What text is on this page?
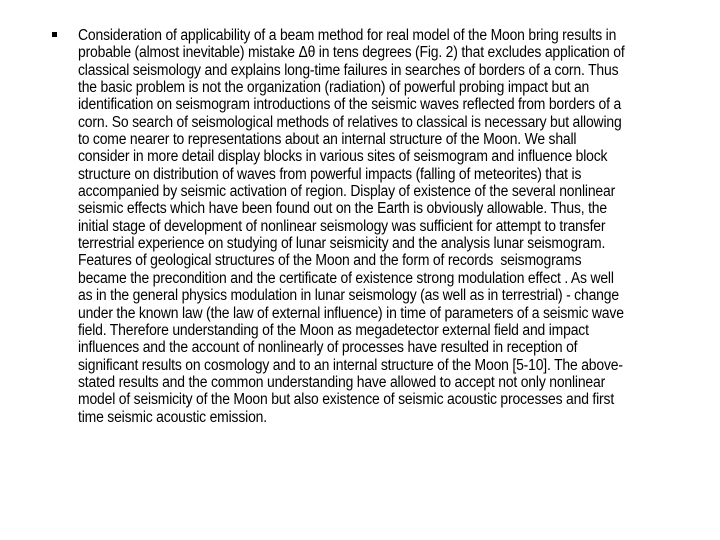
Consideration of applicability of a beam method for real model of the Moon bring results in probable (almost inevitable) mistake Δθ in tens degrees (Fig. 2) that excludes application of classical seismology and explains long-time failures in searches of borders of a corn. Thus the basic problem is not the organization (radiation) of powerful probing impact but an identification on seismogram introductions of the seismic waves reflected from borders of a corn. So search of seismological methods of relatives to classical is necessary but allowing to come nearer to representations about an internal structure of the Moon. We shall consider in more detail display blocks in various sites of seismogram and influence block structure on distribution of waves from powerful impacts (falling of meteorites) that is accompanied by seismic activation of region. Display of existence of the several nonlinear seismic effects which have been found out on the Earth is obviously allowable. Thus, the initial stage of development of nonlinear seismology was sufficient for attempt to transfer terrestrial experience on studying of lunar seismicity and the analysis lunar seismogram. Features of geological structures of the Moon and the form of records  seismograms became the precondition and the certificate of existence strong modulation effect . As well as in the general physics modulation in lunar seismology (as well as in terrestrial) - change under the known law (the law of external influence) in time of parameters of a seismic wave field. Therefore understanding of the Moon as megadetector external field and impact influences and the account of nonlinearly of processes have resulted in reception of significant results on cosmology and to an internal structure of the Moon [5-10]. The above-stated results and the common understanding have allowed to accept not only nonlinear model of seismicity of the Moon but also existence of seismic acoustic processes and first time seismic acoustic emission.
